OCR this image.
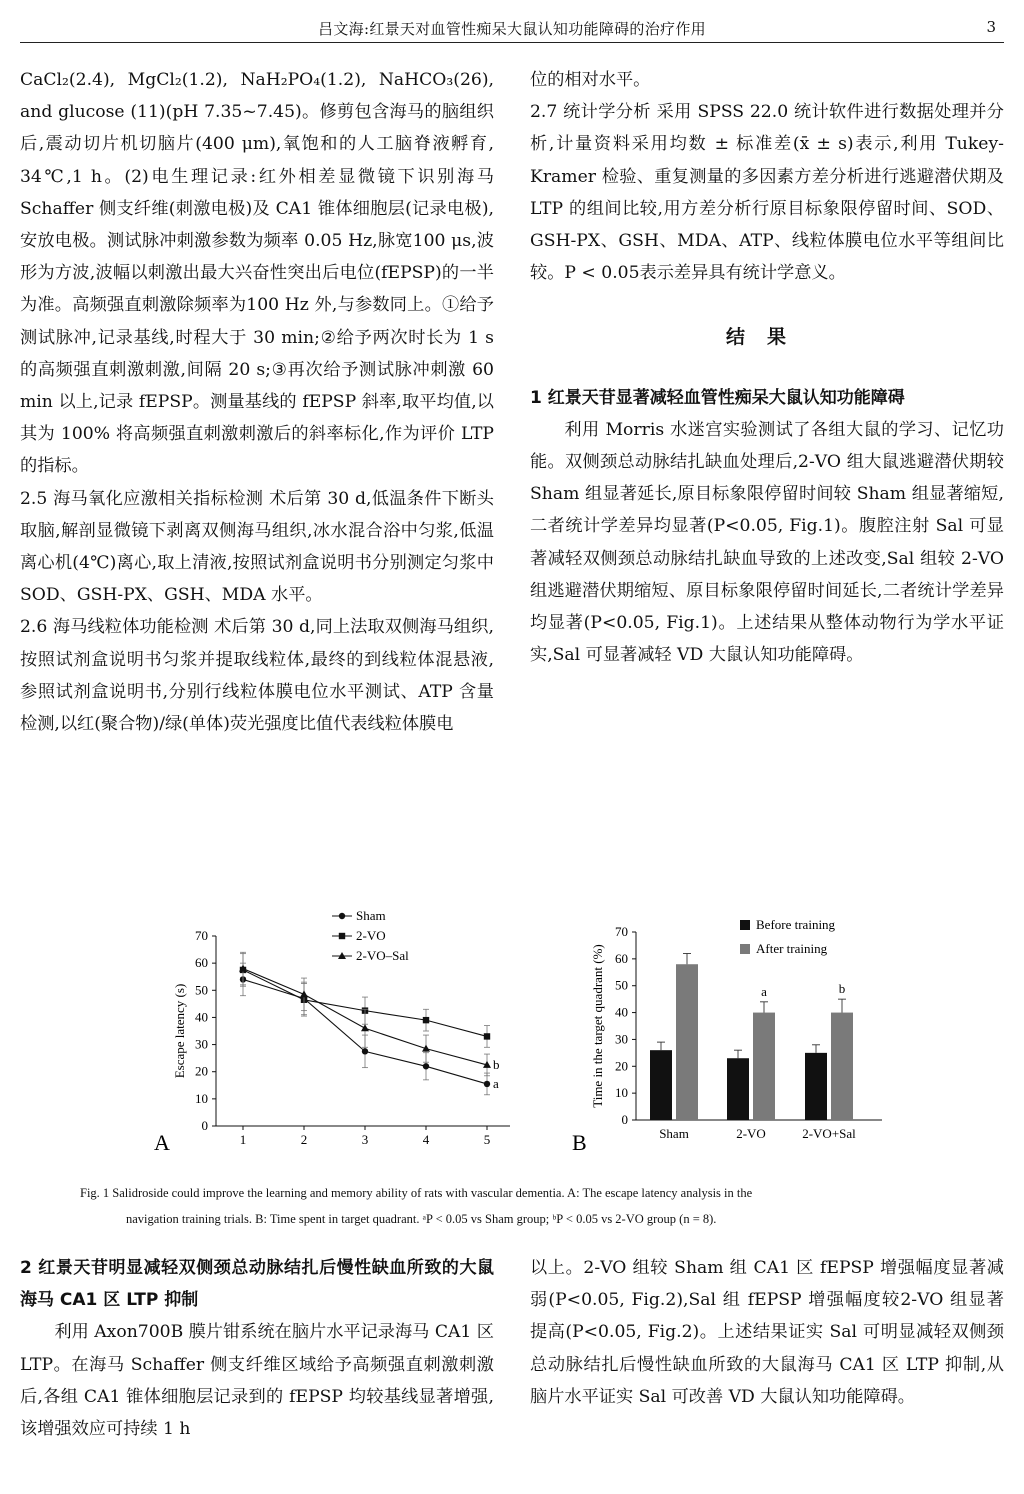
吕文海:红景天对血管性痴呆大鼠认知功能障碍的治疗作用	3

CaCl₂(2.4), MgCl₂(1.2), NaH₂PO₄(1.2), NaHCO₃(26), and glucose (11)(pH 7.35~7.45)。修剪包含海马的脑组织后,震动切片机切脑片(400 μm),氧饱和的人工脑脊液孵育, 34℃,1 h。(2)电生理记录:红外相差显微镜下识别海马 Schaffer 侧支纤维(刺激电极)及 CA1 锥体细胞层(记录电极),安放电极。测试脉冲刺激参数为频率 0.05 Hz,脉宽100 μs,波形为方波,波幅以刺激出最大兴奋性突出后电位(fEPSP)的一半为准。高频强直刺激除频率为100 Hz 外,与参数同上。①给予测试脉冲,记录基线,时程大于 30 min;②给予两次时长为 1 s 的高频强直刺激刺激,间隔 20 s;③再次给予测试脉冲刺激 60 min 以上,记录 fEPSP。测量基线的 fEPSP 斜率,取平均值,以其为 100% 将高频强直刺激刺激后的斜率标化,作为评价 LTP 的指标。

2.5 海马氧化应激相关指标检测 术后第 30 d,低温条件下断头取脑,解剖显微镜下剥离双侧海马组织,冰水混合浴中匀浆,低温离心机(4℃)离心,取上清液,按照试剂盒说明书分别测定匀浆中 SOD、GSH-PX、GSH、MDA 水平。

2.6 海马线粒体功能检测 术后第 30 d,同上法取双侧海马组织,按照试剂盒说明书匀浆并提取线粒体,最终的到线粒体混悬液,参照试剂盒说明书,分别行线粒体膜电位水平测试、ATP 含量检测,以红(聚合物)/绿(单体)荧光强度比值代表线粒体膜电

位的相对水平。

2.7 统计学分析 采用 SPSS 22.0 统计软件进行数据处理并分析,计量资料采用均数 ± 标准差(x̄ ± s)表示,利用 Tukey-Kramer 检验、重复测量的多因素方差分析进行逃避潜伏期及 LTP 的组间比较,用方差分析行原目标象限停留时间、SOD、GSH-PX、GSH、MDA、ATP、线粒体膜电位水平等组间比较。P < 0.05表示差异具有统计学意义。

结果

1 红景天苷显著减轻血管性痴呆大鼠认知功能障碍

利用 Morris 水迷宫实验测试了各组大鼠的学习、记忆功能。双侧颈总动脉结扎缺血处理后,2-VO 组大鼠逃避潜伏期较 Sham 组显著延长,原目标象限停留时间较 Sham 组显著缩短,二者统计学差异均显著(P<0.05, Fig.1)。腹腔注射 Sal 可显著减轻双侧颈总动脉结扎缺血导致的上述改变,Sal 组较 2-VO 组逃避潜伏期缩短、原目标象限停留时间延长,二者统计学差异均显著(P<0.05, Fig.1)。上述结果从整体动物行为学水平证实,Sal 可显著减轻 VD 大鼠认知功能障碍。

0
10
20
30
40
50
60
70
1	2	3	4	5
Escape latency (s)
A
Sham
2-VO
2-VO–Sal
b
a
0
10
20
30
40
50
60
70
Time in the target quadrant (%)
B	Sham	2-VO	2-VO+Sal
a	b
Before training
After training

Fig. 1 Salidroside could improve the learning and memory ability of rats with vascular dementia. A: The escape latency analysis in the

navigation training trials. B: Time spent in target quadrant. ᵃP < 0.05 vs Sham group; ᵇP < 0.05 vs 2-VO group (n = 8).

2 红景天苷明显减轻双侧颈总动脉结扎后慢性缺血所致的大鼠海马 CA1 区 LTP 抑制

利用 Axon700B 膜片钳系统在脑片水平记录海马 CA1 区 LTP。在海马 Schaffer 侧支纤维区域给予高频强直刺激刺激后,各组 CA1 锥体细胞层记录到的 fEPSP 均较基线显著增强,该增强效应可持续 1 h

以上。2-VO 组较 Sham 组 CA1 区 fEPSP 增强幅度显著减弱(P<0.05, Fig.2),Sal 组 fEPSP 增强幅度较2-VO 组显著提高(P<0.05, Fig.2)。上述结果证实 Sal 可明显减轻双侧颈总动脉结扎后慢性缺血所致的大鼠海马 CA1 区 LTP 抑制,从脑片水平证实 Sal 可改善 VD 大鼠认知功能障碍。
